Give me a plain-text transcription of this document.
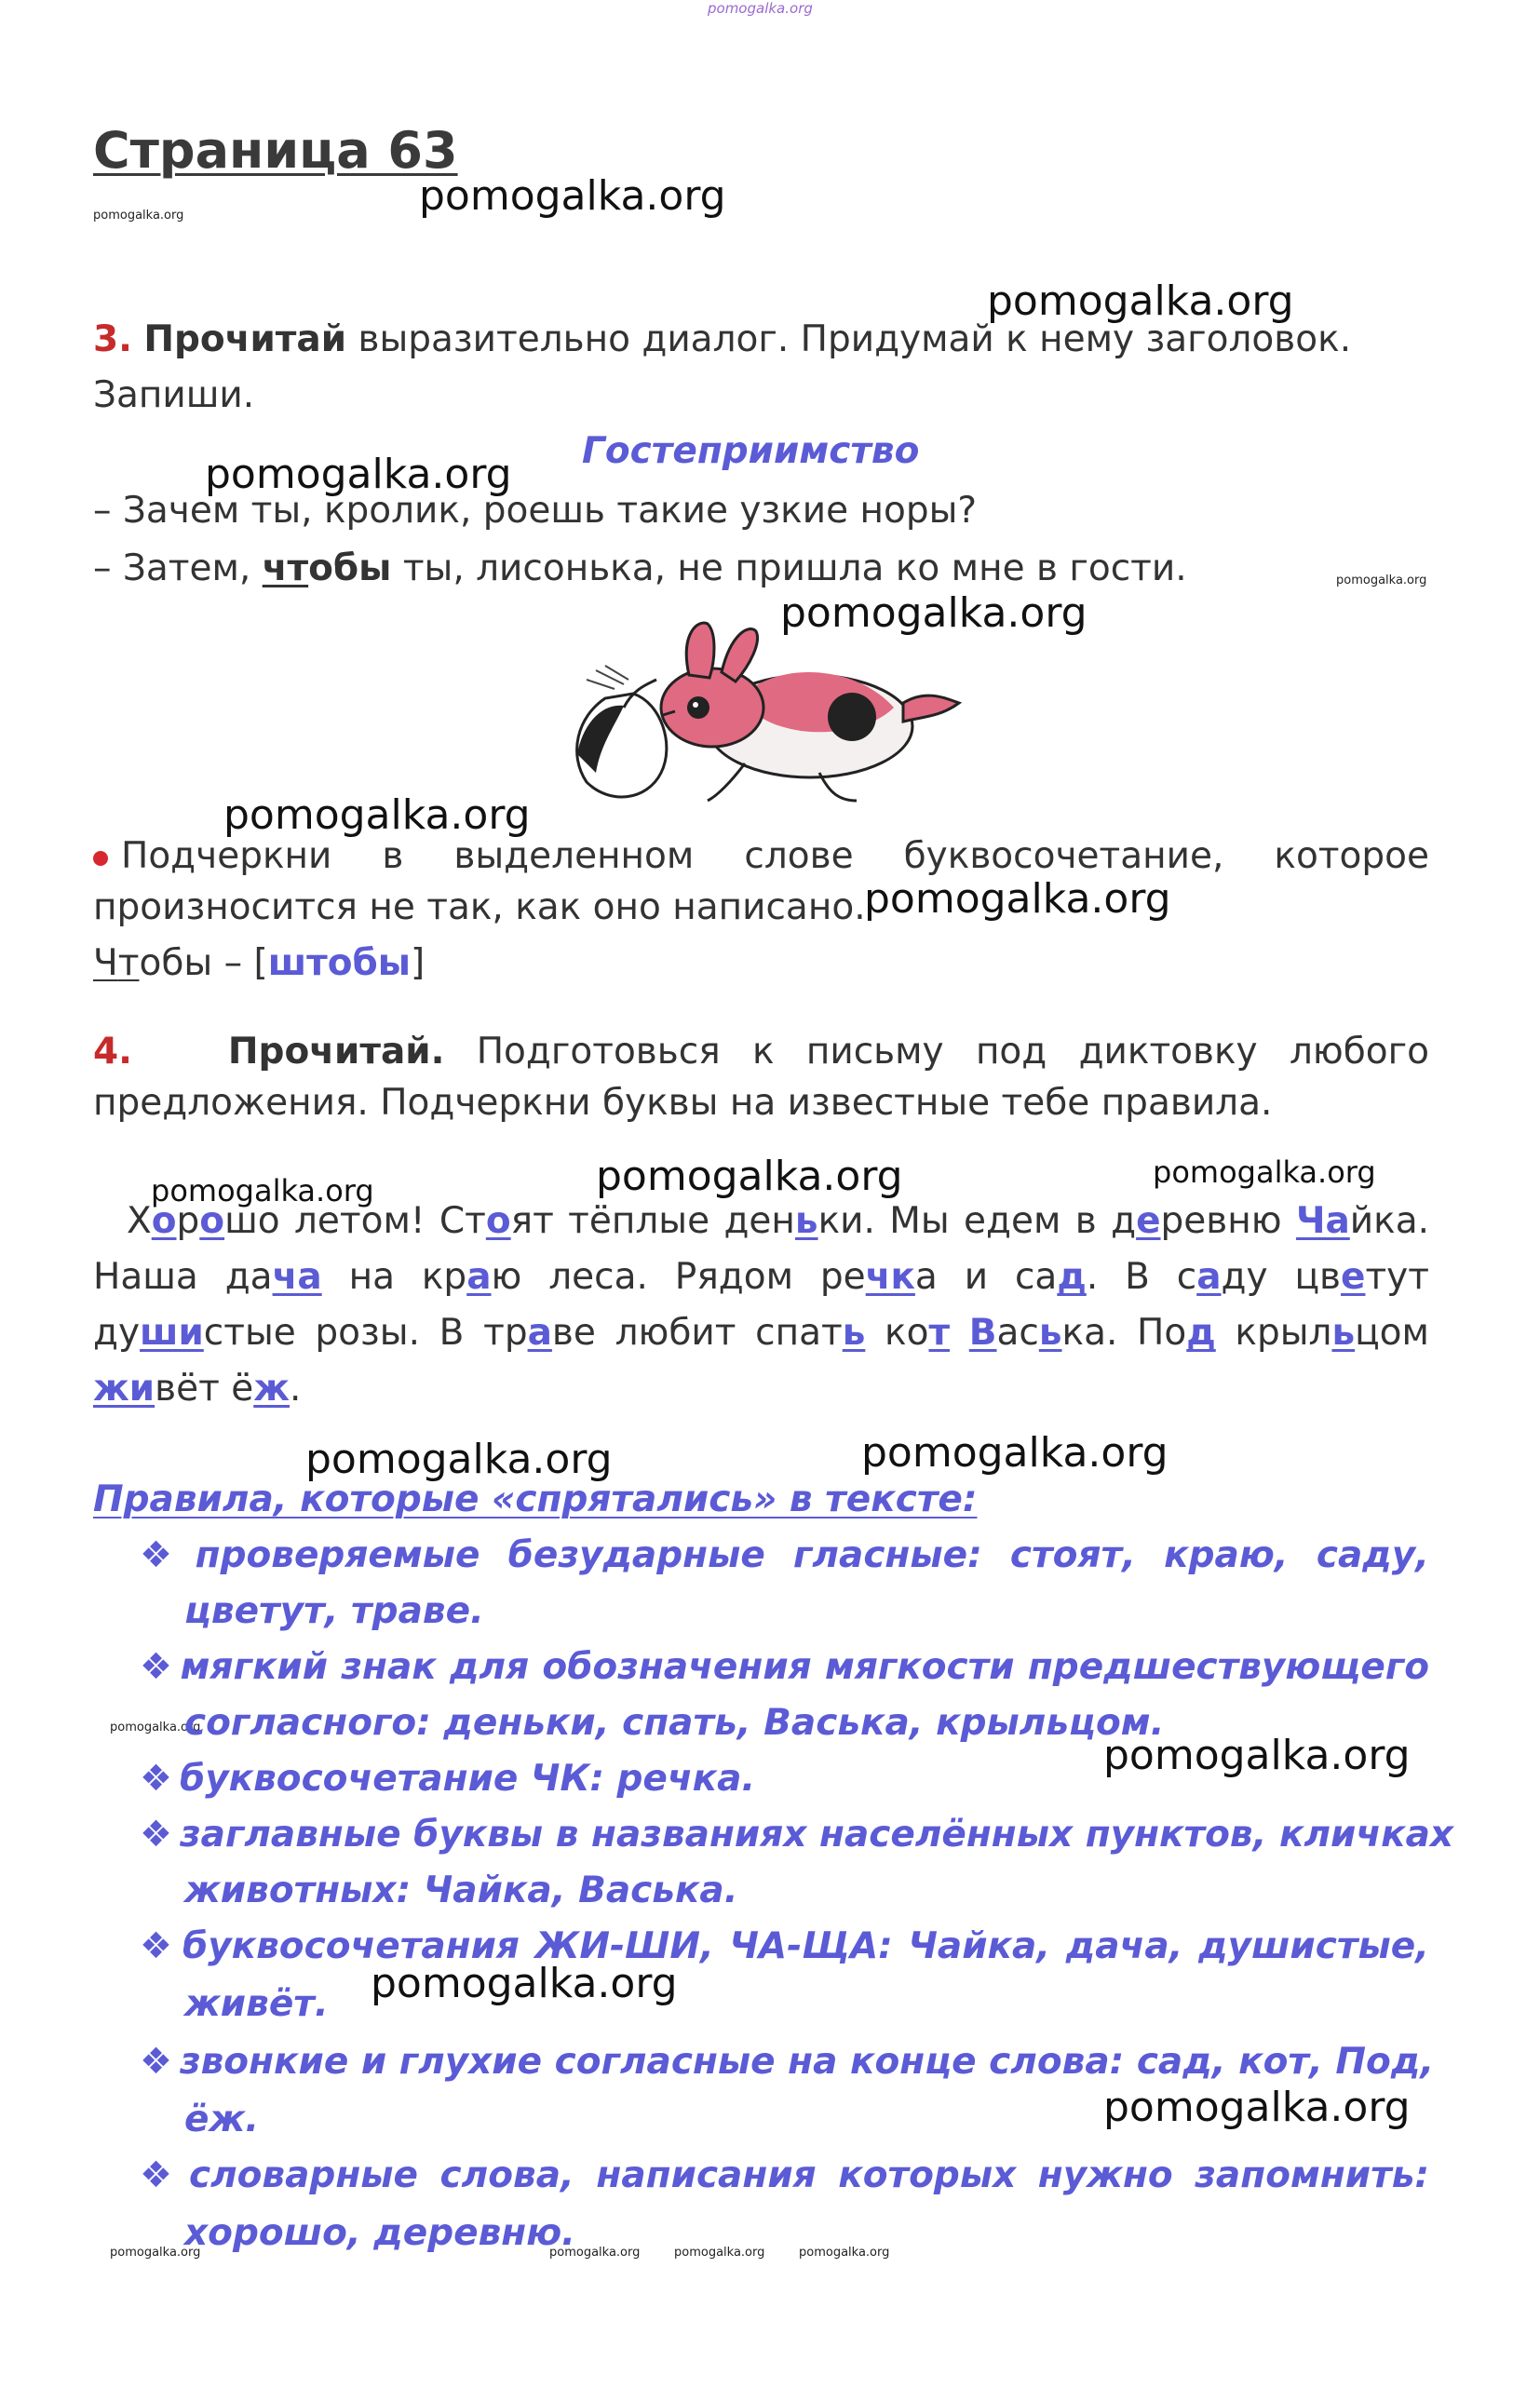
pomogalka.org
Страница 63
pomogalka.org	pomogalka.org
pomogalka.org
3. Прочитай выразительно диалог. Придумай к нему заголовок.
Запиши.
Гостеприимство
pomogalka.org
– Зачем ты, кролик, роешь такие узкие норы?
– Затем, чтобы ты, лисонька, не пришла ко мне в гости.	pomogalka.org
pomogalka.org
pomogalka.org
Подчеркни в выделенном слове буквосочетание, которое
произносится не так, как оно написано.
pomogalka.org
Чтобы – [штобы]
4.	Прочитай. Подготовься к письму под диктовку любого
предложения. Подчеркни буквы на известные тебе правила.
pomogalka.org	pomogalka.org	pomogalka.org
Хорошо летом! Стоят тёплые деньки. Мы едем в деревню Чайка. Наша дача на краю леса. Рядом речка и сад. В саду цветут душистые розы. В траве любит спать кот Васька. Под крыльцом живёт ёж.
pomogalka.org	pomogalka.org
Правила, которые «спрятались» в тексте:
❖ проверяемые безударные гласные: стоят, краю, саду,
цветут, траве.
❖ мягкий знак для обозначения мягкости предшествующего
pomogalka.org
согласного: деньки, спать, Васька, крыльцом.
pomogalka.org
❖ буквосочетание ЧК: речка.
❖ заглавные буквы в названиях населённых пунктов, кличках
животных: Чайка, Васька.
❖ буквосочетания ЖИ-ШИ, ЧА-ЩА: Чайка, дача, душистые,
живёт. pomogalka.org
❖ звонкие и глухие согласные на конце слова: сад, кот, Под,
ёж.	pomogalka.org
❖ словарные слова, написания которых нужно запомнить:
хорошо, деревню.
pomogalka.org	pomogalka.org	pomogalka.org	pomogalka.org
